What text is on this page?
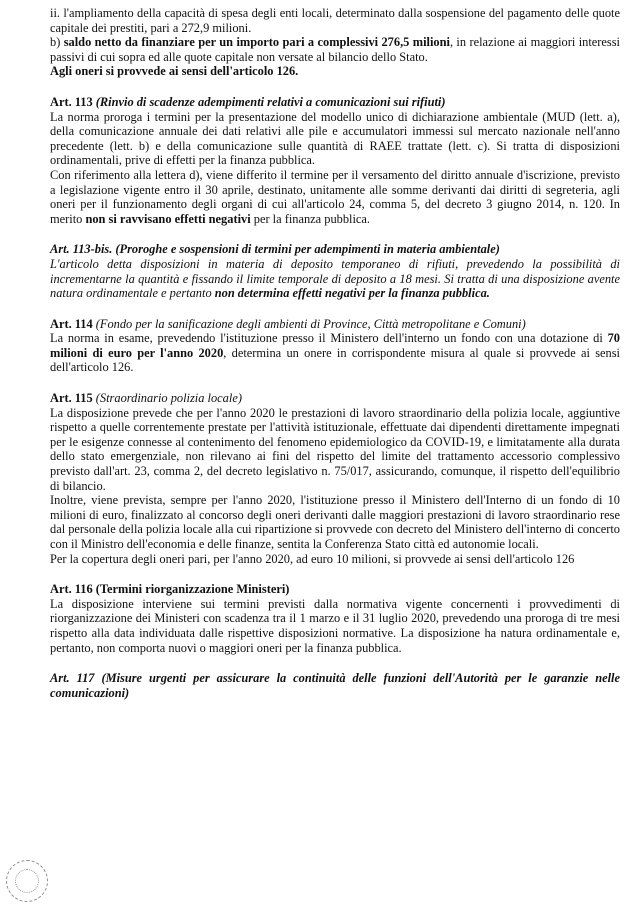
ii. l'ampliamento della capacità di spesa degli enti locali, determinato dalla sospensione del pagamento delle quote capitale dei prestiti, pari a 272,9 milioni.

b) saldo netto da finanziare per un importo pari a complessivi 276,5 milioni, in relazione ai maggiori interessi passivi di cui sopra ed alle quote capitale non versate al bilancio dello Stato.

Agli oneri si provvede ai sensi dell'articolo 126.

Art. 113 (Rinvio di scadenze adempimenti relativi a comunicazioni sui rifiuti)

La norma proroga i termini per la presentazione del modello unico di dichiarazione ambientale (MUD (lett. a), della comunicazione annuale dei dati relativi alle pile e accumulatori immessi sul mercato nazionale nell'anno precedente (lett. b) e della comunicazione sulle quantità di RAEE trattate (lett. c). Si tratta di disposizioni ordinamentali, prive di effetti per la finanza pubblica.

Con riferimento alla lettera d), viene differito il termine per il versamento del diritto annuale d'iscrizione, previsto a legislazione vigente entro il 30 aprile, destinato, unitamente alle somme derivanti dai diritti di segreteria, agli oneri per il funzionamento degli organi di cui all'articolo 24, comma 5, del decreto 3 giugno 2014, n. 120. In merito non si ravvisano effetti negativi per la finanza pubblica.

Art. 113-bis. (Proroghe e sospensioni di termini per adempimenti in materia ambientale)

L'articolo detta disposizioni in materia di deposito temporaneo di rifiuti, prevedendo la possibilità di incrementarne la quantità e fissando il limite temporale di deposito a 18 mesi. Si tratta di una disposizione avente natura ordinamentale e pertanto non determina effetti negativi per la finanza pubblica.

Art. 114 (Fondo per la sanificazione degli ambienti di Province, Città metropolitane e Comuni)

La norma in esame, prevedendo l'istituzione presso il Ministero dell'interno un fondo con una dotazione di 70 milioni di euro per l'anno 2020, determina un onere in corrispondente misura al quale si provvede ai sensi dell'articolo 126.

Art. 115 (Straordinario polizia locale)

La disposizione prevede che per l'anno 2020 le prestazioni di lavoro straordinario della polizia locale, aggiuntive rispetto a quelle correntemente prestate per l'attività istituzionale, effettuate dai dipendenti direttamente impegnati per le esigenze connesse al contenimento del fenomeno epidemiologico da COVID-19, e limitatamente alla durata dello stato emergenziale, non rilevano ai fini del rispetto del limite del trattamento accessorio complessivo previsto dall'art. 23, comma 2, del decreto legislativo n. 75/017, assicurando, comunque, il rispetto dell'equilibrio di bilancio.

Inoltre, viene prevista, sempre per l'anno 2020, l'istituzione presso il Ministero dell'Interno di un fondo di 10 milioni di euro, finalizzato al concorso degli oneri derivanti dalle maggiori prestazioni di lavoro straordinario rese dal personale della polizia locale alla cui ripartizione si provvede con decreto del Ministero dell'interno di concerto con il Ministro dell'economia e delle finanze, sentita la Conferenza Stato città ed autonomie locali.

Per la copertura degli oneri pari, per l'anno 2020, ad euro 10 milioni, si provvede ai sensi dell'articolo 126

Art. 116 (Termini riorganizzazione Ministeri)

La disposizione interviene sui termini previsti dalla normativa vigente concernenti i provvedimenti di riorganizzazione dei Ministeri con scadenza tra il 1 marzo e il 31 luglio 2020, prevedendo una proroga di tre mesi rispetto alla data individuata dalle rispettive disposizioni normative. La disposizione ha natura ordinamentale e, pertanto, non comporta nuovi o maggiori oneri per la finanza pubblica.

Art. 117 (Misure urgenti per assicurare la continuità delle funzioni dell'Autorità per le garanzie nelle comunicazioni)
